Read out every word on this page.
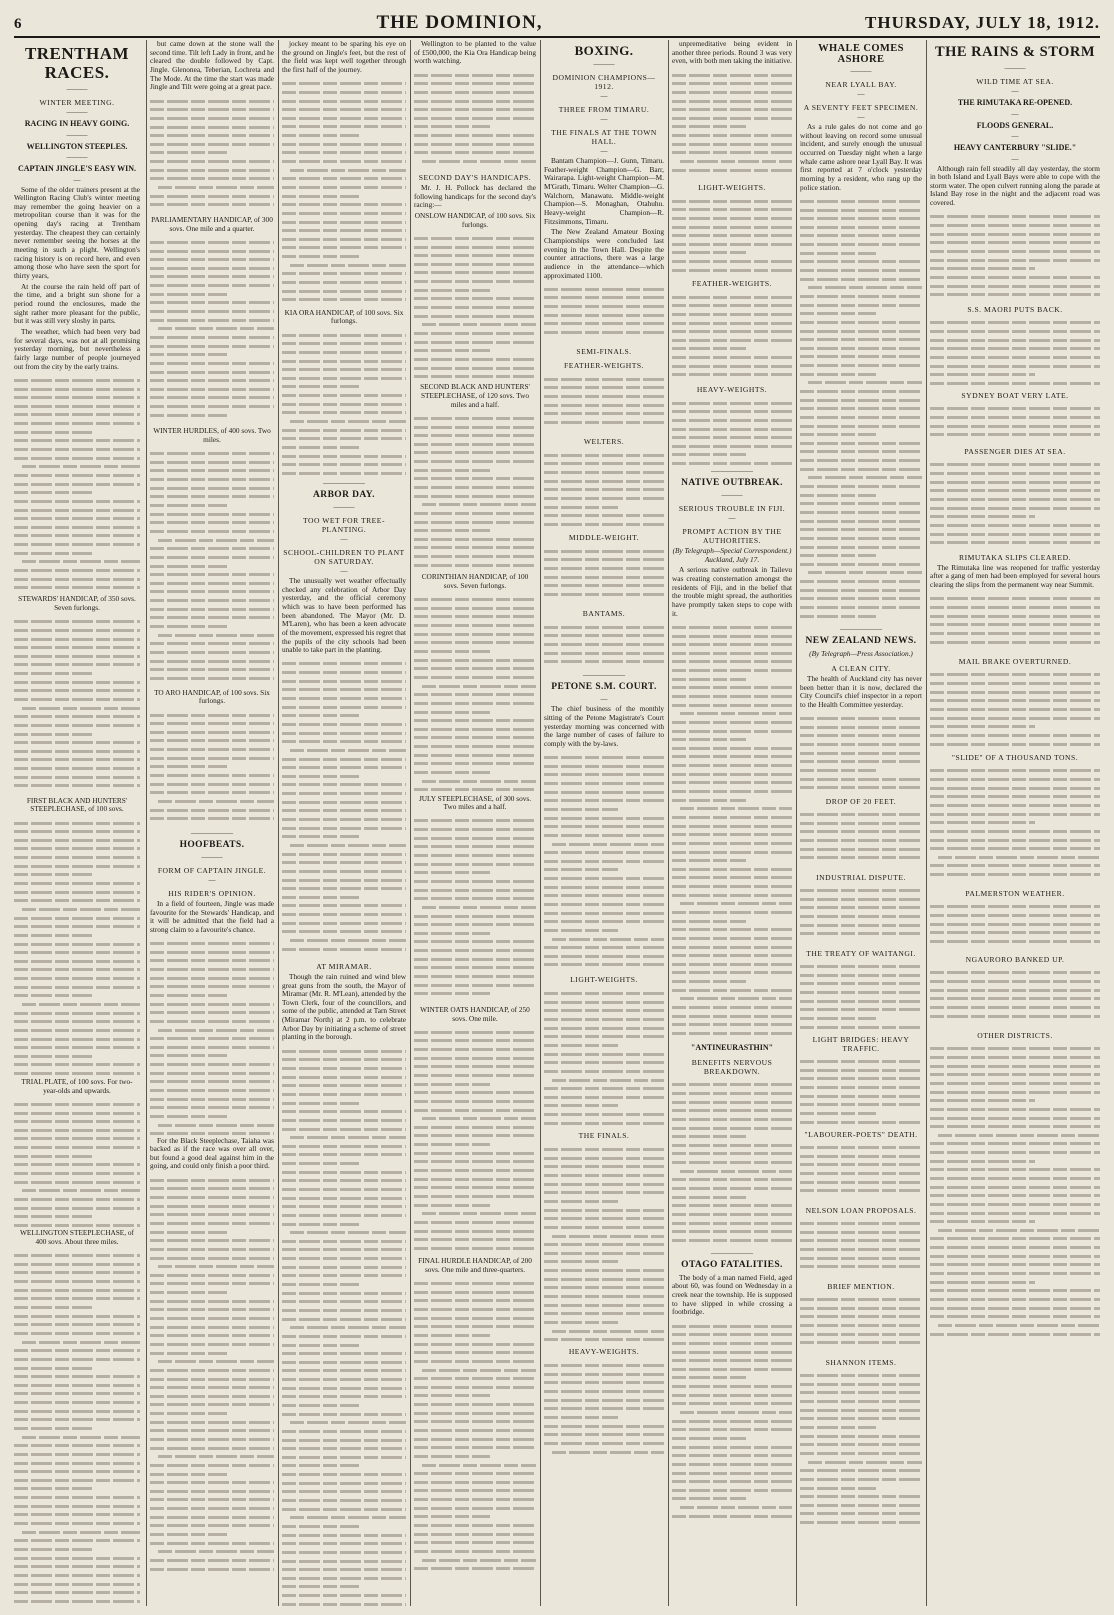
6	THE DOMINION,	THURSDAY, JULY 18, 1912.
TRENTHAM RACES.
———
WINTER MEETING.
———
RACING IN HEAVY GOING.
———
WELLINGTON STEEPLES.
———
CAPTAIN JINGLE'S EASY WIN.
—

Some of the older trainers present at the Wellington Racing Club's winter meeting may remember the going heavier on a metropolitan course than it was for the opening day's racing at Trentham yesterday. The cheapest they can certainly never remember seeing the horses at the meeting in such a plight. Wellington's racing history is on record here, and even among those who have seen the sport for thirty years,

At the course the rain held off part of the time, and a bright sun shone for a period round the enclosures, made the sight rather more pleasant for the public, but it was still very sloshy in parts.

The weather, which had been very bad for several days, was not at all promising yesterday morning, but nevertheless a fairly large number of people journeyed out from the city by the early trains.

STEWARDS' HANDICAP, of 350 sovs. Seven furlongs.

FIRST BLACK AND HUNTERS' STEEPLECHASE, of 100 sovs.

TRIAL PLATE, of 100 sovs. For two-year-olds and upwards.

WELLINGTON STEEPLECHASE, of 400 sovs. About three miles.

but came down at the stone wall the second time. Tilt left Lady in front, and he cleared the double followed by Capt. Jingle. Glenonea, Teberian, Lochreta and The Mode. At the time the start was made Jingle and Tilt were going at a great pace.

PARLIAMENTARY HANDICAP, of 300 sovs. One mile and a quarter.

WINTER HURDLES, of 400 sovs. Two miles.

TO ARO HANDICAP, of 100 sovs. Six furlongs.

——————
HOOFBEATS.
———
FORM OF CAPTAIN JINGLE.
—
HIS RIDER'S OPINION.

In a field of fourteen, Jingle was made favourite for the Stewards' Handicap, and it will be admitted that the field had a strong claim to a favourite's chance.

For the Black Steeplechase, Taiaha was backed as if the race was over all over, but found a good deal against him in the going, and could only finish a poor third.

jockey meant to be sparing his eye on the ground on Jingle's feet, but the rest of the field was kept well together through the first half of the journey.

KIA ORA HANDICAP, of 100 sovs. Six furlongs.

——————
ARBOR DAY.
———
TOO WET FOR TREE-PLANTING.
—
SCHOOL-CHILDREN TO PLANT ON SATURDAY.
—

The unusually wet weather effectually checked any celebration of Arbor Day yesterday, and the official ceremony which was to have been performed has been abandoned. The Mayor (Mr. D. M'Laren), who has been a keen advocate of the movement, expressed his regret that the pupils of the city schools had been unable to take part in the planting.

AT MIRAMAR.

Though the rain ruined and wind blew great guns from the south, the Mayor of Miramar (Mr. R. M'Lean), attended by the Town Clerk, four of the councillors, and some of the public, attended at Tarn Street (Miramar North) at 2 p.m. to celebrate Arbor Day by initiating a scheme of street planting in the borough.

Wellington to be planted to the value of £500,000, the Kia Ora Handicap being worth watching.

SECOND DAY'S HANDICAPS.

Mr. J. H. Pollock has declared the following handicaps for the second day's racing:—

ONSLOW HANDICAP, of 100 sovs. Six furlongs.

SECOND BLACK AND HUNTERS' STEEPLECHASE, of 120 sovs. Two miles and a half.

CORINTHIAN HANDICAP, of 100 sovs. Seven furlongs.

JULY STEEPLECHASE, of 300 sovs. Two miles and a half.

WINTER OATS HANDICAP, of 250 sovs. One mile.

FINAL HURDLE HANDICAP, of 200 sovs. One mile and three-quarters.

BOXING.
———
DOMINION CHAMPIONS—1912.
—
THREE FROM TIMARU.
—
THE FINALS AT THE TOWN HALL.
—

Bantam Champion—J. Gunn, Timaru. Feather-weight Champion—G. Barr, Wairarapa. Light-weight Champion—M. M'Grath, Timaru. Welter Champion—G. Walchorn, Manawatu. Middle-weight Champion—S. Monaghan, Otahuhu. Heavy-weight Champion—R. Fitzsimmons, Timaru.

The New Zealand Amateur Boxing Championships were concluded last evening in the Town Hall. Despite the counter attractions, there was a large audience in the attendance—which approximated 1100.

SEMI-FINALS.
FEATHER-WEIGHTS.
WELTERS.
MIDDLE-WEIGHT.
BANTAMS.
——————
PETONE S.M. COURT.
—

The chief business of the monthly sitting of the Petone Magistrate's Court yesterday morning was concerned with the large number of cases of failure to comply with the by-laws.

LIGHT-WEIGHTS.
THE FINALS.
HEAVY-WEIGHTS.

unpremeditative being evident in another three periods. Round 3 was very even, with both men taking the initiative.

LIGHT-WEIGHTS.
FEATHER-WEIGHTS.
HEAVY-WEIGHTS.
——————
NATIVE OUTBREAK.
———
SERIOUS TROUBLE IN FIJI.
—
PROMPT ACTION BY THE AUTHORITIES.

(By Telegraph—Special Correspondent.) Auckland, July 17.

A serious native outbreak in Tailevu was creating consternation amongst the residents of Fiji, and in the belief that the trouble might spread, the authorities have promptly taken steps to cope with it.

"ANTINEURASTHIN"
BENEFITS NERVOUS BREAKDOWN.
——————
OTAGO FATALITIES.

The body of a man named Field, aged about 60, was found on Wednesday in a creek near the township. He is supposed to have slipped in while crossing a footbridge.

WHALE COMES ASHORE
———
NEAR LYALL BAY.
—
A SEVENTY FEET SPECIMEN.
—

As a rule gales do not come and go without leaving on record some unusual incident, and surely enough the unusual occurred on Tuesday night when a large whale came ashore near Lyall Bay. It was first reported at 7 o'clock yesterday morning by a resident, who rang up the police station.

——————
NEW ZEALAND NEWS.

(By Telegraph—Press Association.)

A CLEAN CITY.

The health of Auckland city has never been better than it is now, declared the City Council's chief inspector in a report to the Health Committee yesterday.

DROP OF 20 FEET.
INDUSTRIAL DISPUTE.
THE TREATY OF WAITANGI.
LIGHT BRIDGES: HEAVY TRAFFIC.
"LABOURER-POETS" DEATH.
NELSON LOAN PROPOSALS.
BRIEF MENTION.
SHANNON ITEMS.
THE RAINS & STORM
———
WILD TIME AT SEA.
—
THE RIMUTAKA RE-OPENED.
—
FLOODS GENERAL.
—
HEAVY CANTERBURY "SLIDE."
—

Although rain fell steadily all day yesterday, the storm in both Island and Lyall Bays were able to cope with the storm water. The open culvert running along the parade at Island Bay rose in the night and the adjacent road was covered.

S.S. MAORI PUTS BACK.
SYDNEY BOAT VERY LATE.
PASSENGER DIES AT SEA.
RIMUTAKA SLIPS CLEARED.

The Rimutaka line was reopened for traffic yesterday after a gang of men had been employed for several hours clearing the slips from the permanent way near Summit.

MAIL BRAKE OVERTURNED.
"SLIDE" OF A THOUSAND TONS.
PALMERSTON WEATHER.
NGAURORO BANKED UP.
OTHER DISTRICTS.
